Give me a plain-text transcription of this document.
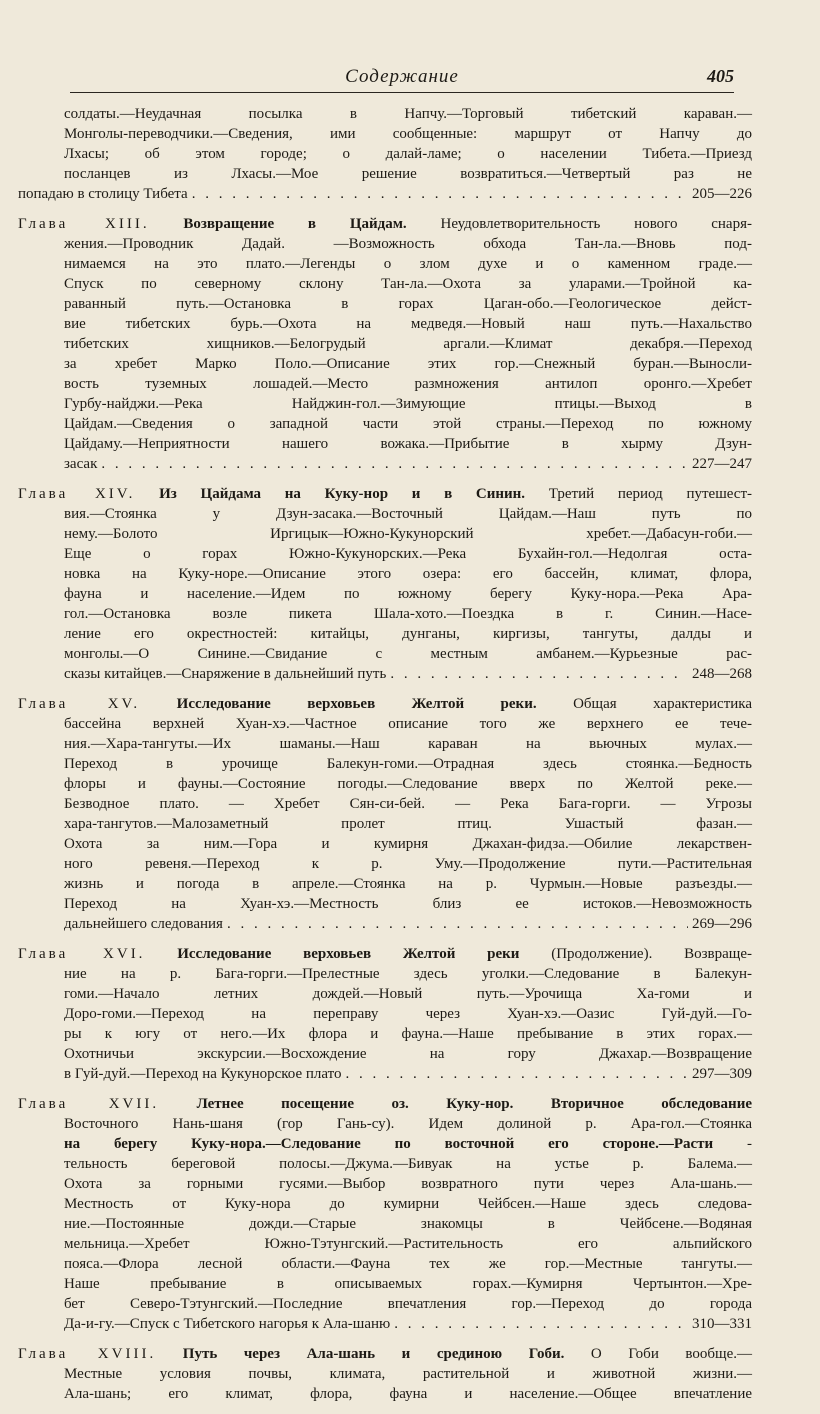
Содержание	405
солдаты.—Неудачная посылка в Напчу.—Торговый тибетский караван.—
Монголы-переводчики.—Сведения, ими сообщенные: маршрут от Напчу до
Лхасы; об этом городе; о далай-ламе; о населении Тибета.—Приезд
посланцев из Лхасы.—Мое решение возвратиться.—Четвертый раз не
попадаю в столицу Тибета . . .	205—226
Глава XIII. Возвращение в Цайдам. Неудовлетворительность нового снаря-
жения.—Проводник Дадай. —Возможность обхода Тан-ла.—Вновь под-
нимаемся на это плато.—Легенды о злом духе и о каменном граде.—
Спуск по северному склону Тан-ла.—Охота за уларами.—Тройной ка-
раванный путь.—Остановка в горах Цаган-обо.—Геологическое дейст-
вие тибетских бурь.—Охота на медведя.—Новый наш путь.—Нахальство
тибетских хищников.—Белогрудый аргали.—Климат декабря.—Переход
за хребет Марко Поло.—Описание этих гор.—Снежный буран.—Выносли-
вость туземных лошадей.—Место размножения антилоп оронго.—Хребет
Гурбу-найджи.—Река Найджин-гол.—Зимующие птицы.—Выход в
Цайдам.—Сведения о западной части этой страны.—Переход по южному
Цайдаму.—Неприятности нашего вожака.—Прибытие в хырму Дзун-
засак . . .	227—247
Глава XIV. Из Цайдама на Куку-нор и в Синин. Третий период путешест-
вия.—Стоянка у Дзун-засака.—Восточный Цайдам.—Наш путь по
нему.—Болото Иргицык—Южно-Кукунорский хребет.—Дабасун-гоби.—
Еще о горах Южно-Кукунорских.—Река Бухайн-гол.—Недолгая оста-
новка на Куку-норе.—Описание этого озера: его бассейн, климат, флора,
фауна и население.—Идем по южному берегу Куку-нора.—Река Ара-
гол.—Остановка возле пикета Шала-хото.—Поездка в г. Синин.—Насе-
ление его окрестностей: китайцы, дунганы, киргизы, тангуты, далды и
монголы.—О Синине.—Свидание с местным амбанем.—Курьезные рас-
сказы китайцев.—Снаряжение в дальнейший путь . . .	248—268
Глава XV. Исследование верховьев Желтой реки. Общая характеристика
бассейна верхней Хуан-хэ.—Частное описание того же верхнего ее тече-
ния.—Хара-тангуты.—Их шаманы.—Наш караван на вьючных мулах.—
Переход в урочище Балекун-гоми.—Отрадная здесь стоянка.—Бедность
флоры и фауны.—Состояние погоды.—Следование вверх по Желтой реке.—
Безводное плато. — Хребет Сян-си-бей. — Река Бага-горги. — Угрозы
хара-тангутов.—Малозаметный пролет птиц. Ушастый фазан.—
Охота за ним.—Гора и кумирня Джахан-фидза.—Обилие лекарствен-
ного ревеня.—Переход к р. Уму.—Продолжение пути.—Растительная
жизнь и погода в апреле.—Стоянка на р. Чурмын.—Новые разъезды.—
Переход на Хуан-хэ.—Местность близ ее истоков.—Невозможность
дальнейшего следования . . .	269—296
Глава XVI. Исследование верховьев Желтой реки (Продолжение). Возвраще-
ние на р. Бага-горги.—Прелестные здесь уголки.—Следование в Балекун-
гоми.—Начало летних дождей.—Новый путь.—Урочища Ха-гоми и
Доро-гоми.—Переход на переправу через Хуан-хэ.—Оазис Гуй-дуй.—Го-
ры к югу от него.—Их флора и фауна.—Наше пребывание в этих горах.—
Охотничьи экскурсии.—Восхождение на гору Джахар.—Возвращение
в Гуй-дуй.—Переход на Кукунорское плато . . .	297—309
Глава XVII. Летнее посещение оз. Куку-нор. Вторичное обследование
Восточного Нань-шаня (гор Гань-су). Идем долиной р. Ара-гол.—Стоянка
на берегу Куку-нора.—Следование по восточной его стороне.—Расти -
тельность береговой полосы.—Джума.—Бивуак на устье р. Балема.—
Охота за горными гусями.—Выбор возвратного пути через Ала-шань.—
Местность от Куку-нора до кумирни Чейбсен.—Наше здесь следова-
ние.—Постоянные дожди.—Старые знакомцы в Чейбсене.—Водяная
мельница.—Хребет Южно-Тэтунгский.—Растительность его альпийского
пояса.—Флора лесной области.—Фауна тех же гор.—Местные тангуты.—
Наше пребывание в описываемых горах.—Кумирня Чертынтон.—Хре-
бет Северо-Тэтунгский.—Последние впечатления гор.—Переход до города
Да-и-гу.—Спуск с Тибетского нагорья к Ала-шаню . . .	310—331
Глава XVIII. Путь через Ала-шань и срединою Гоби. О Гоби вообще.—
Местные условия почвы, климата, растительной и животной жизни.—
Ала-шань; его климат, флора, фауна и население.—Общее впечатление
